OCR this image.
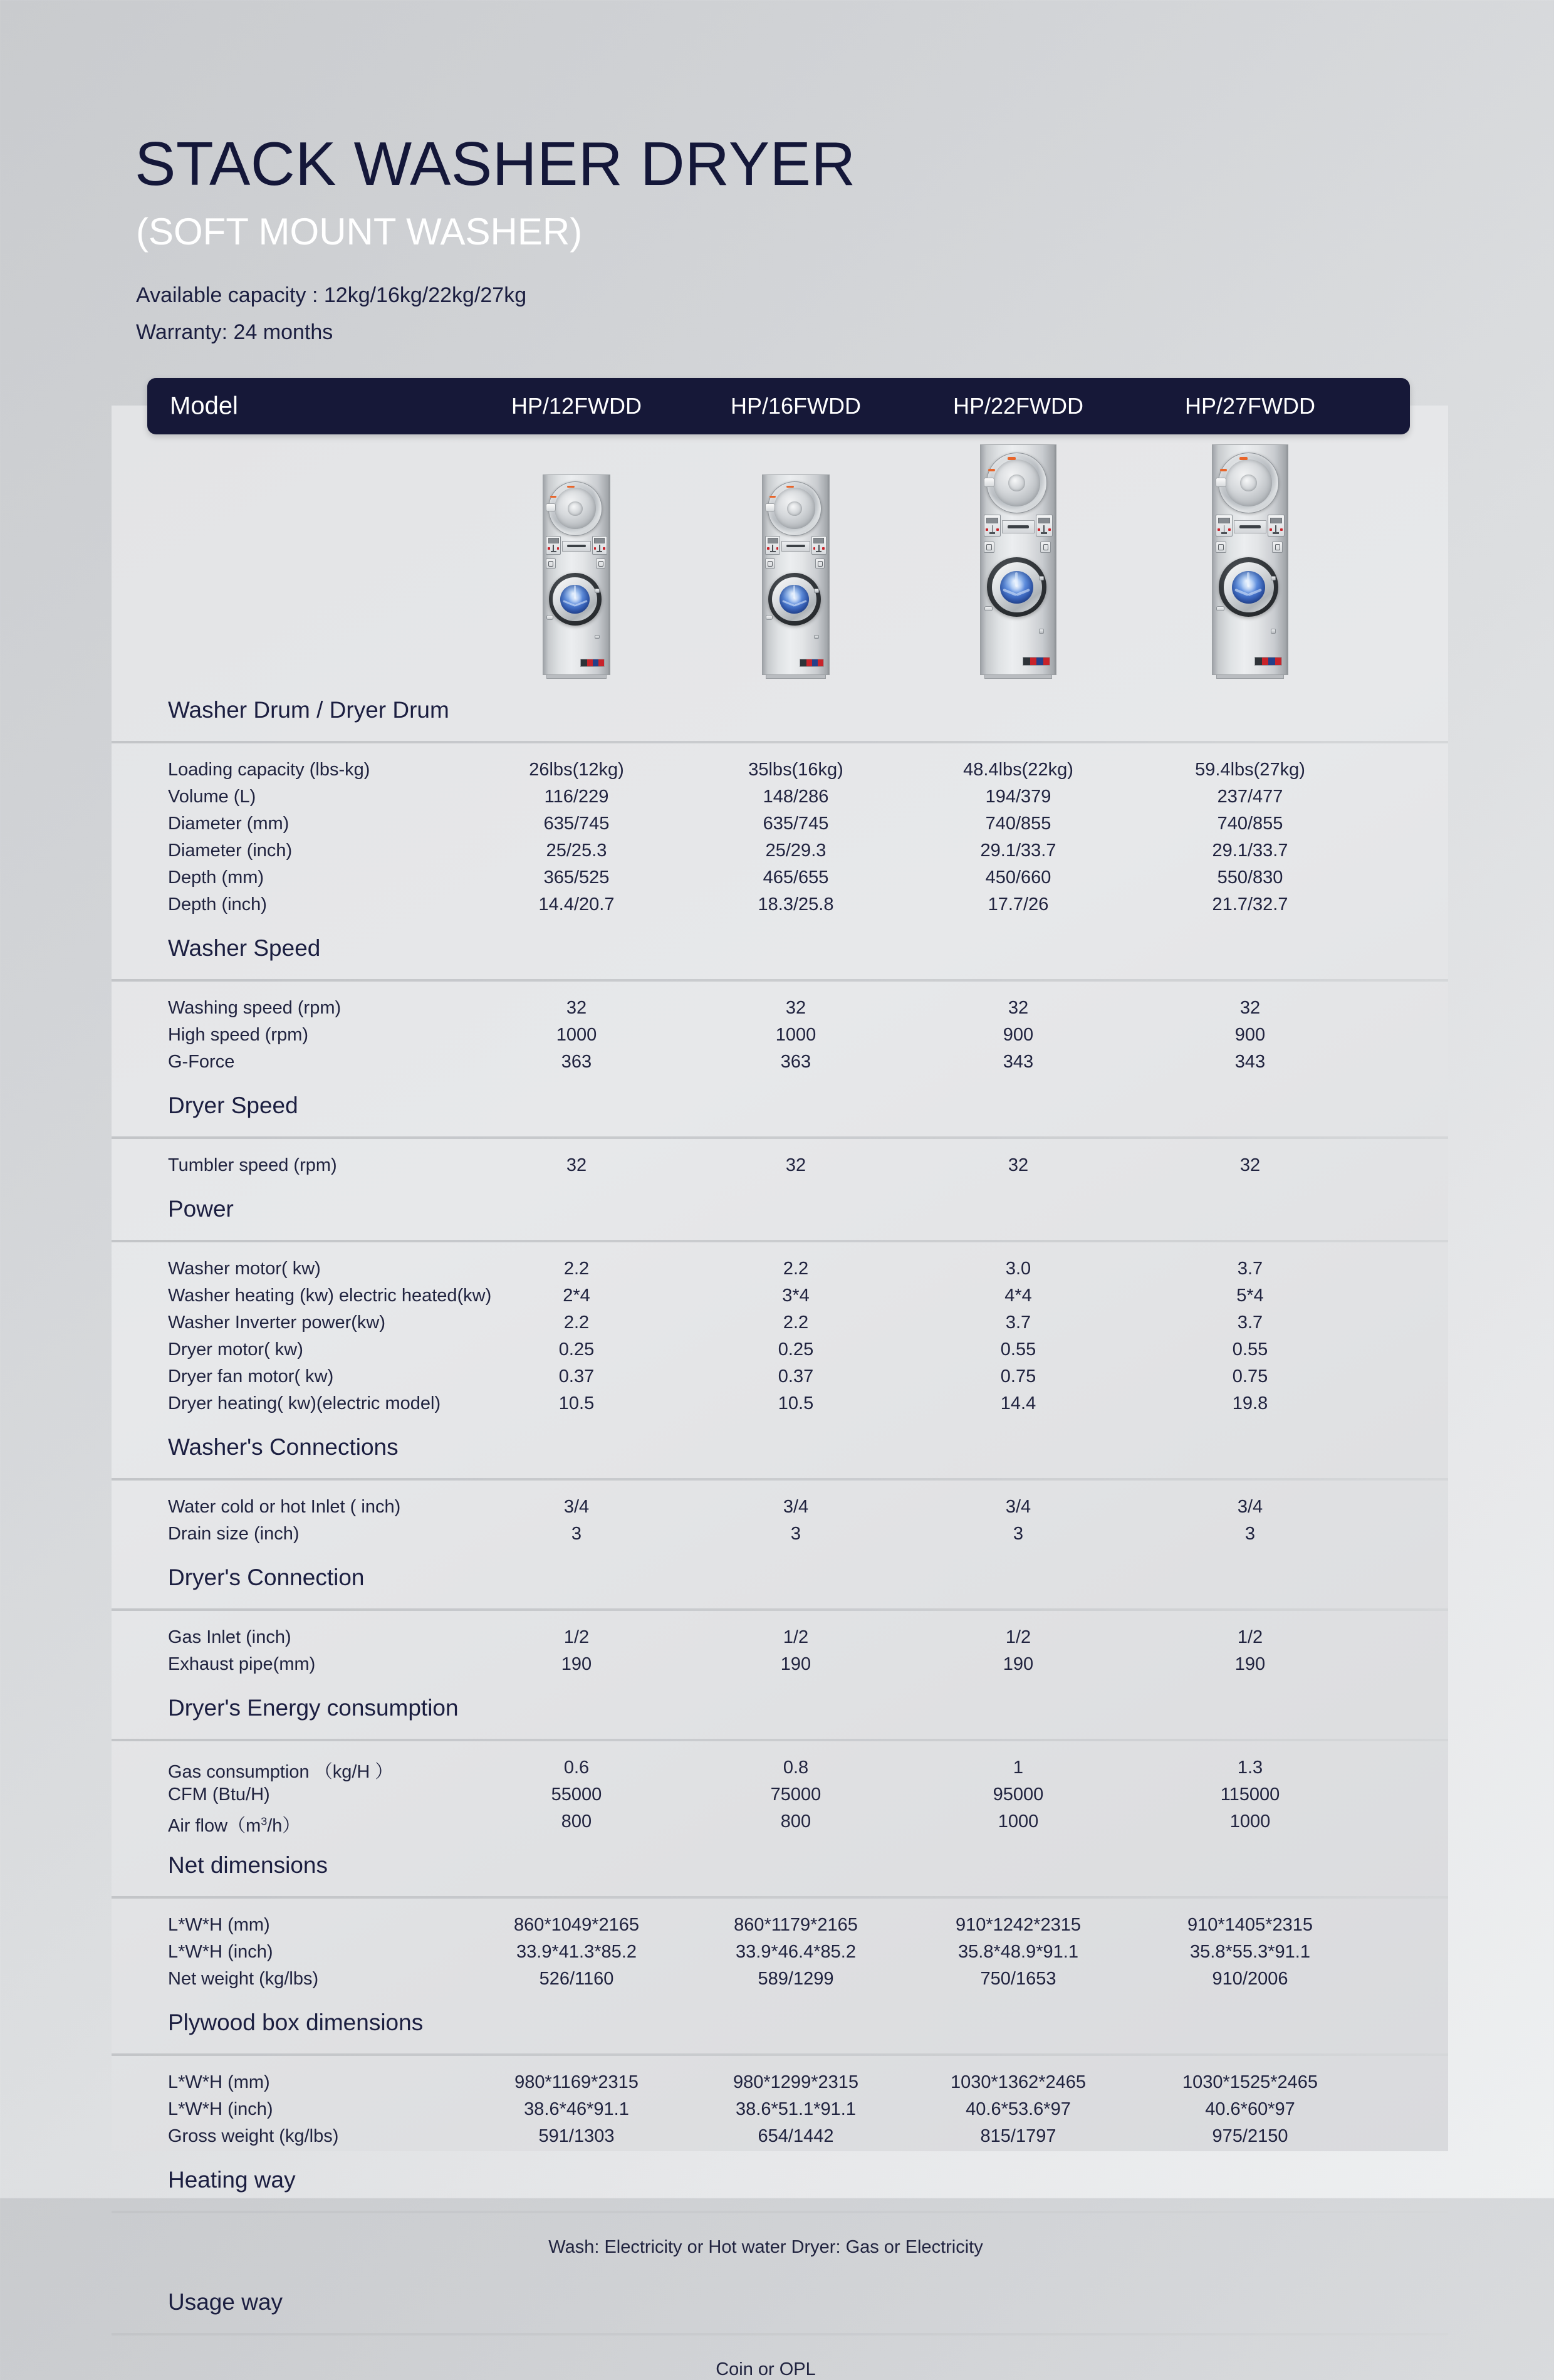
STACK WASHER DRYER
(SOFT MOUNT WASHER)
Available capacity : 12kg/16kg/22kg/27kg
Warranty: 24 months
Model	HP/12FWDD	HP/16FWDD	HP/22FWDD	HP/27FWDD
Washer Drum / Dryer Drum
Loading capacity (lbs-kg)	26lbs(12kg)	35lbs(16kg)	48.4lbs(22kg)	59.4lbs(27kg)
Volume (L)	116/229	148/286	194/379	237/477
Diameter (mm)	635/745	635/745	740/855	740/855
Diameter (inch)	25/25.3	25/29.3	29.1/33.7	29.1/33.7
Depth (mm)	365/525	465/655	450/660	550/830
Depth (inch)	14.4/20.7	18.3/25.8	17.7/26	21.7/32.7
Washer Speed
Washing speed (rpm)	32	32	32	32
High speed (rpm)	1000	1000	900	900
G-Force	363	363	343	343
Dryer Speed
Tumbler speed (rpm)	32	32	32	32
Power
Washer motor( kw)	2.2	2.2	3.0	3.7
Washer heating (kw) electric heated(kw)	2*4	3*4	4*4	5*4
Washer Inverter power(kw)	2.2	2.2	3.7	3.7
Dryer motor( kw)	0.25	0.25	0.55	0.55
Dryer fan motor( kw)	0.37	0.37	0.75	0.75
Dryer heating( kw)(electric model)	10.5	10.5	14.4	19.8
Washer's Connections
Water cold or hot Inlet ( inch)	3/4	3/4	3/4	3/4
Drain size (inch)	3	3	3	3
Dryer's Connection
Gas Inlet (inch)	1/2	1/2	1/2	1/2
Exhaust pipe(mm)	190	190	190	190
Dryer's Energy consumption
Gas consumption （kg/H ）	0.6	0.8	1	1.3
CFM (Btu/H)	55000	75000	95000	115000
Air $flow(m^3/h)$	800	800	1000	1000
Net dimensions
L*W*H (mm)	860*1049*2165	860*1179*2165	910*1242*2315	910*1405*2315
L*W*H (inch)	33.9*41.3*85.2	33.9*46.4*85.2	35.8*48.9*91.1	35.8*55.3*91.1
Net weight (kg/lbs)	526/1160	589/1299	750/1653	910/2006
Plywood box dimensions
L*W*H (mm)	980*1169*2315	980*1299*2315	1030*1362*2465	1030*1525*2465
L*W*H (inch)	38.6*46*91.1	38.6*51.1*91.1	40.6*53.6*97	40.6*60*97
Gross weight (kg/lbs)	591/1303	654/1442	815/1797	975/2150
Heating way
Wash: Electricity or Hot water Dryer: Gas or Electricity
Usage way
Coin or OPL
